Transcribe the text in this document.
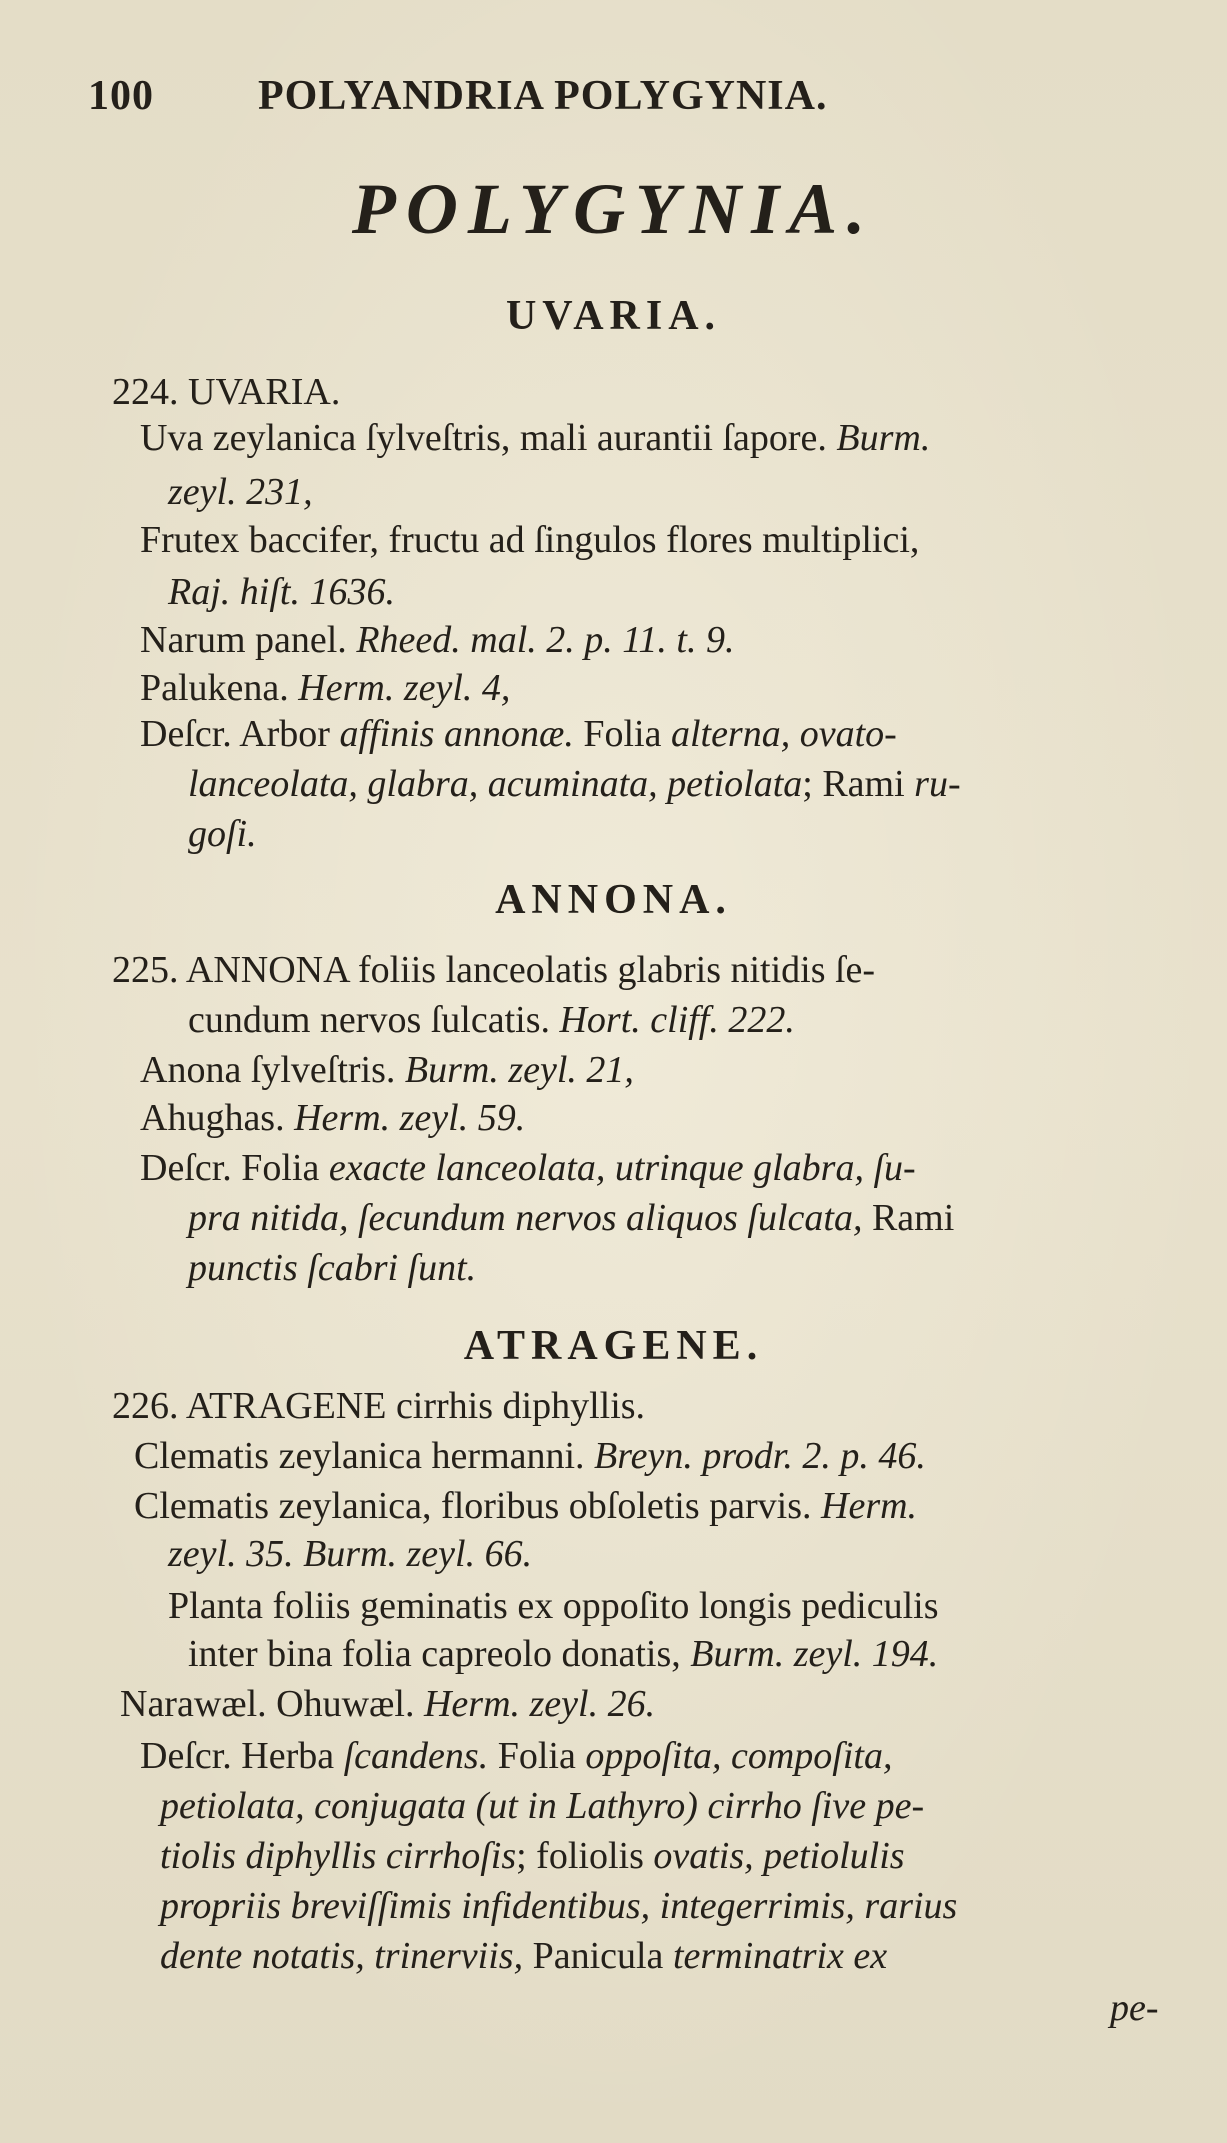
100 POLYANDRIA POLYGYNIA.
POLYGYNIA.
UVARIA.
224. UVARIA.
Uva zeylanica ſylveſtris, mali aurantii ſapore. Burm.
zeyl. 231,
Frutex baccifer, fructu ad ſingulos flores multiplici,
Raj. hiſt. 1636.
Narum panel. Rheed. mal. 2. p. 11. t. 9.
Palukena. Herm. zeyl. 4,
Deſcr. Arbor affinis annonæ. Folia alterna, ovato-
lanceolata, glabra, acuminata, petiolata; Rami ru-
goſi.
ANNONA.
225. ANNONA foliis lanceolatis glabris nitidis ſe-
cundum nervos ſulcatis. Hort. cliff. 222.
Anona ſylveſtris. Burm. zeyl. 21,
Ahughas. Herm. zeyl. 59.
Deſcr. Folia exacte lanceolata, utrinque glabra, ſu-
pra nitida, ſecundum nervos aliquos ſulcata, Rami
punctis ſcabri ſunt.
ATRAGENE.
226. ATRAGENE cirrhis diphyllis.
Clematis zeylanica hermanni. Breyn. prodr. 2. p. 46.
Clematis zeylanica, floribus obſoletis parvis. Herm.
zeyl. 35. Burm. zeyl. 66.
Planta foliis geminatis ex oppoſito longis pediculis
inter bina folia capreolo donatis, Burm. zeyl. 194.
Narawæl. Ohuwæl. Herm. zeyl. 26.
Deſcr. Herba ſcandens. Folia oppoſita, compoſita,
petiolata, conjugata (ut in Lathyro) cirrho ſive pe-
tiolis diphyllis cirrhoſis; foliolis ovatis, petiolulis
propriis breviſſimis infidentibus, integerrimis, rarius
dente notatis, trinerviis, Panicula terminatrix ex
pe-
